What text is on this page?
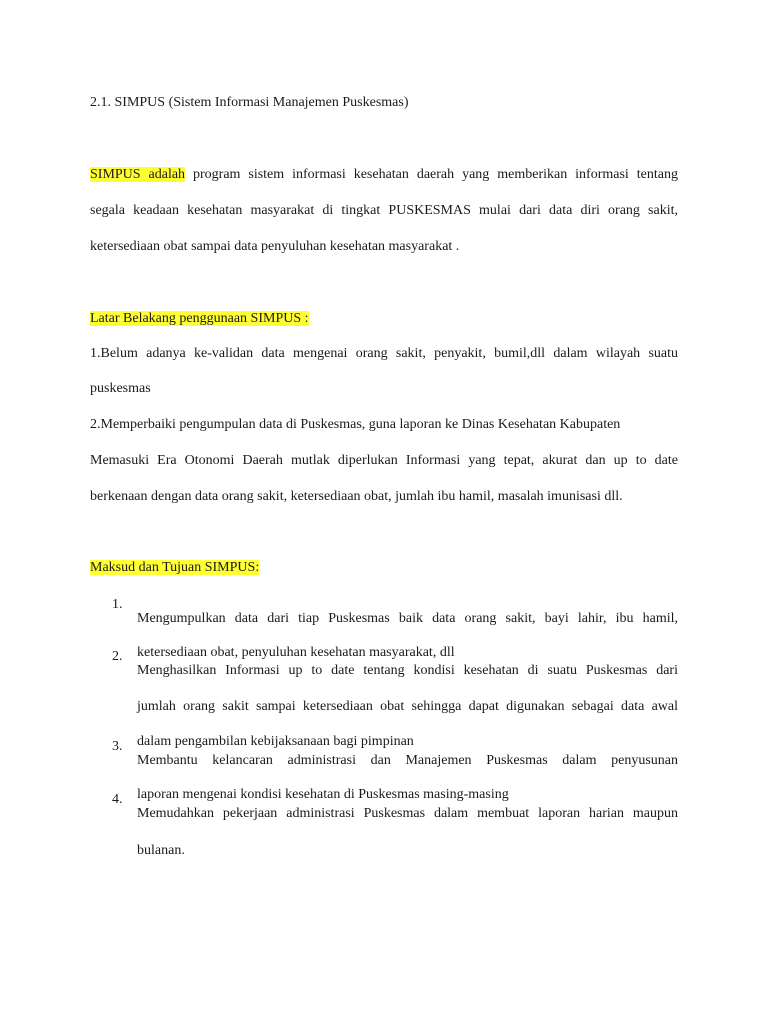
2.1. SIMPUS (Sistem Informasi Manajemen Puskesmas)

SIMPUS adalah program sistem informasi kesehatan daerah yang memberikan informasi tentang

segala keadaan kesehatan masyarakat di tingkat PUSKESMAS mulai dari data diri orang sakit,

ketersediaan obat sampai data penyuluhan kesehatan masyarakat .

Latar Belakang penggunaan SIMPUS :

1.Belum adanya ke-validan data mengenai orang sakit, penyakit, bumil,dll dalam wilayah suatu

puskesmas

2.Memperbaiki pengumpulan data di Puskesmas, guna laporan ke Dinas Kesehatan Kabupaten

Memasuki Era Otonomi Daerah mutlak diperlukan Informasi yang tepat, akurat dan up to date

berkenaan dengan data orang sakit, ketersediaan obat, jumlah ibu hamil, masalah imunisasi dll.

Maksud dan Tujuan SIMPUS:

1.

Mengumpulkan data dari tiap Puskesmas baik data orang sakit, bayi lahir, ibu hamil,

ketersediaan obat, penyuluhan kesehatan masyarakat, dll

2.

Menghasilkan Informasi up to date tentang kondisi kesehatan di suatu Puskesmas dari

jumlah orang sakit sampai ketersediaan obat sehingga dapat digunakan sebagai data awal

dalam pengambilan kebijaksanaan bagi pimpinan

3.

Membantu kelancaran administrasi dan Manajemen Puskesmas dalam penyusunan

laporan mengenai kondisi kesehatan di Puskesmas masing-masing

4.

Memudahkan pekerjaan administrasi Puskesmas dalam membuat laporan harian maupun

bulanan.
